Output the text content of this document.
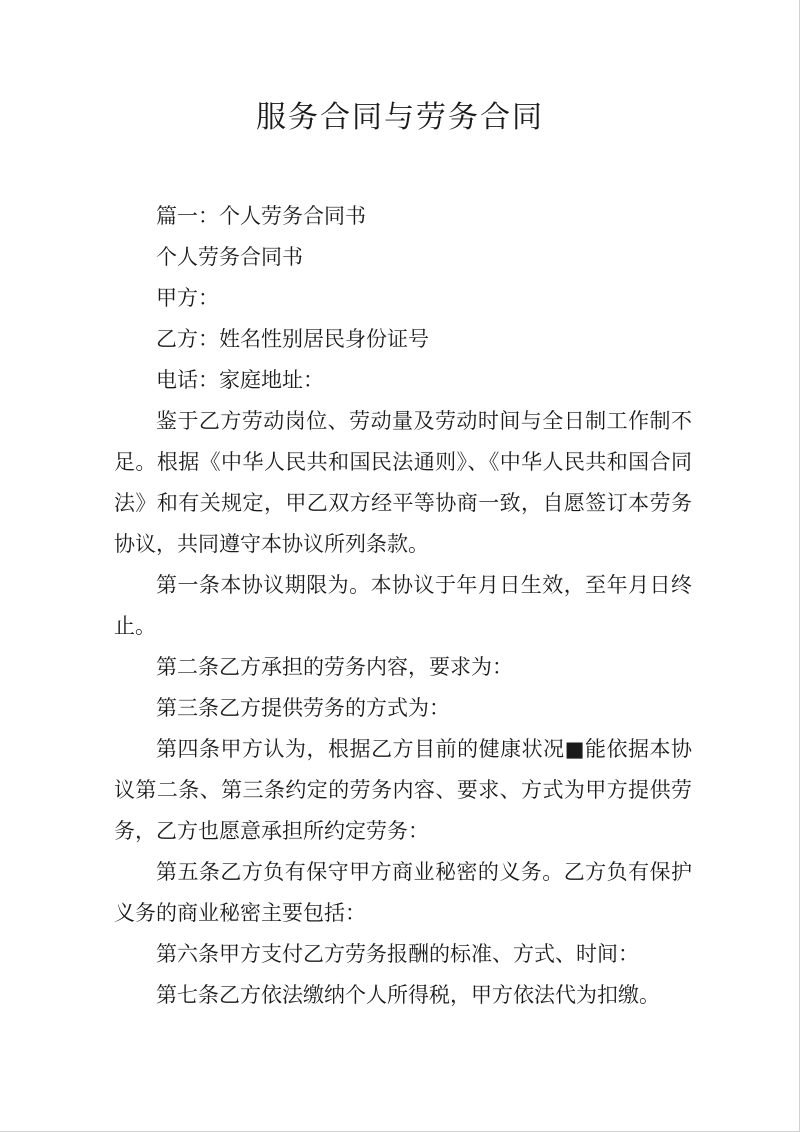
服务合同与劳务合同

篇一：个人劳务合同书

个人劳务合同书

甲方：

乙方：姓名性别居民身份证号

电话：家庭地址：

鉴于乙方劳动岗位、劳动量及劳动时间与全日制工作制不足。根据《中华人民共和国民法通则》、《中华人民共和国合同法》和有关规定，甲乙双方经平等协商一致，自愿签订本劳务协议，共同遵守本协议所列条款。

第一条本协议期限为。本协议于年月日生效，至年月日终止。

第二条乙方承担的劳务内容，要求为：

第三条乙方提供劳务的方式为：

第四条甲方认为，根据乙方目前的健康状况■能依据本协议第二条、第三条约定的劳务内容、要求、方式为甲方提供劳务，乙方也愿意承担所约定劳务：

第五条乙方负有保守甲方商业秘密的义务。乙方负有保护义务的商业秘密主要包括：

第六条甲方支付乙方劳务报酬的标准、方式、时间：

第七条乙方依法缴纳个人所得税，甲方依法代为扣缴。
